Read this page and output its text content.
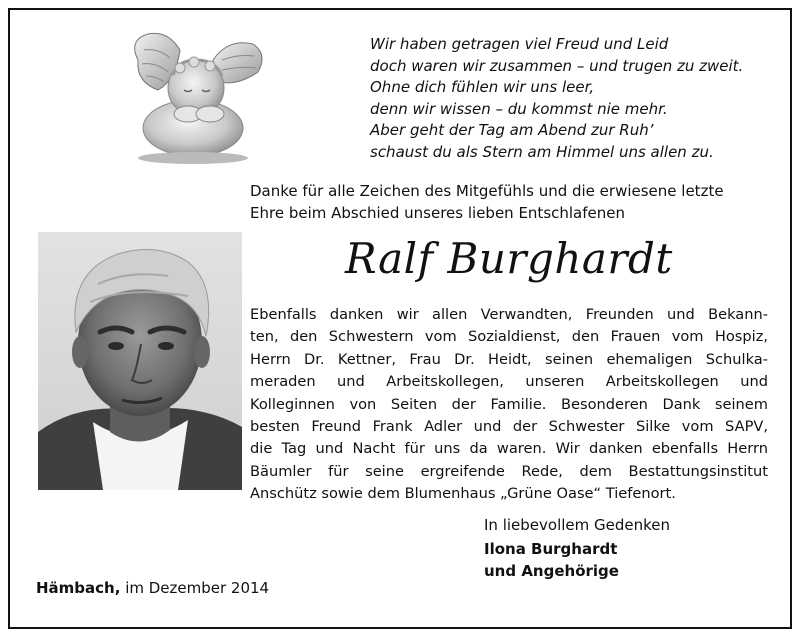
Wir haben getragen viel Freud und Leid
doch waren wir zusammen – und trugen zu zweit.
Ohne dich fühlen wir uns leer,
denn wir wissen – du kommst nie mehr.
Aber geht der Tag am Abend zur Ruh’
schaust du als Stern am Himmel uns allen zu.
Danke für alle Zeichen des Mitgefühls und die erwiesene letzte
Ehre beim Abschied unseres lieben Entschlafenen
Ralf Burghardt
Ebenfalls danken wir allen Verwandten, Freunden und Bekann-
ten, den Schwestern vom Sozialdienst, den Frauen vom Hospiz,
Herrn Dr. Kettner, Frau Dr. Heidt, seinen ehemaligen Schulka-
meraden und Arbeitskollegen, unseren Arbeitskollegen und
Kolleginnen von Seiten der Familie. Besonderen Dank seinem
besten Freund Frank Adler und der Schwester Silke vom SAPV,
die Tag und Nacht für uns da waren. Wir danken ebenfalls Herrn
Bäumler für seine ergreifende Rede, dem Bestattungsinstitut
Anschütz sowie dem Blumenhaus „Grüne Oase“ Tiefenort.
In liebevollem Gedenken
Ilona Burghardt
und Angehörige
Hämbach, im Dezember 2014
